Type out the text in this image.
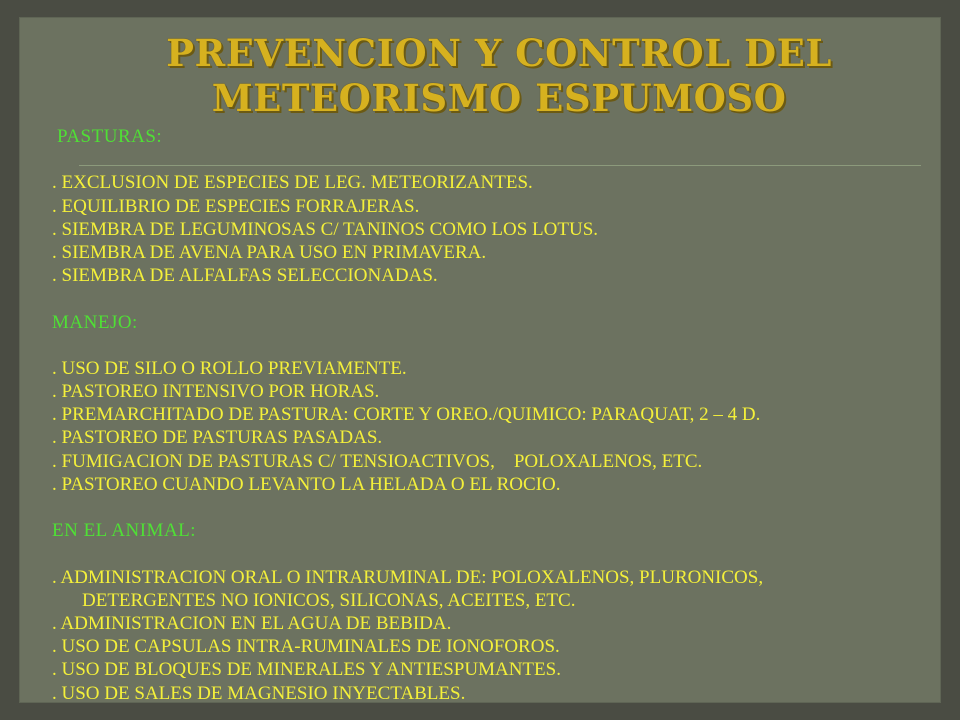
PREVENCION Y CONTROL DEL
METEORISMO ESPUMOSO
PASTURAS:
. EXCLUSION DE ESPECIES DE LEG. METEORIZANTES.
. EQUILIBRIO DE ESPECIES FORRAJERAS.
. SIEMBRA DE LEGUMINOSAS C/ TANINOS COMO LOS LOTUS.
. SIEMBRA DE AVENA PARA USO EN PRIMAVERA.
. SIEMBRA DE ALFALFAS SELECCIONADAS.
MANEJO:
. USO DE SILO O ROLLO PREVIAMENTE.
. PASTOREO INTENSIVO POR HORAS.
. PREMARCHITADO DE PASTURA: CORTE Y OREO./QUIMICO: PARAQUAT, 2 – 4 D.
. PASTOREO DE PASTURAS PASADAS.
. FUMIGACION DE PASTURAS C/ TENSIOACTIVOS,    POLOXALENOS, ETC.
. PASTOREO CUANDO LEVANTO LA HELADA O EL ROCIO.
EN EL ANIMAL:
. ADMINISTRACION ORAL O INTRARUMINAL DE: POLOXALENOS, PLURONICOS,
DETERGENTES NO IONICOS, SILICONAS, ACEITES, ETC.
. ADMINISTRACION EN EL AGUA DE BEBIDA.
. USO DE CAPSULAS INTRA-RUMINALES DE IONOFOROS.
. USO DE BLOQUES DE MINERALES Y ANTIESPUMANTES.
. USO DE SALES DE MAGNESIO INYECTABLES.
